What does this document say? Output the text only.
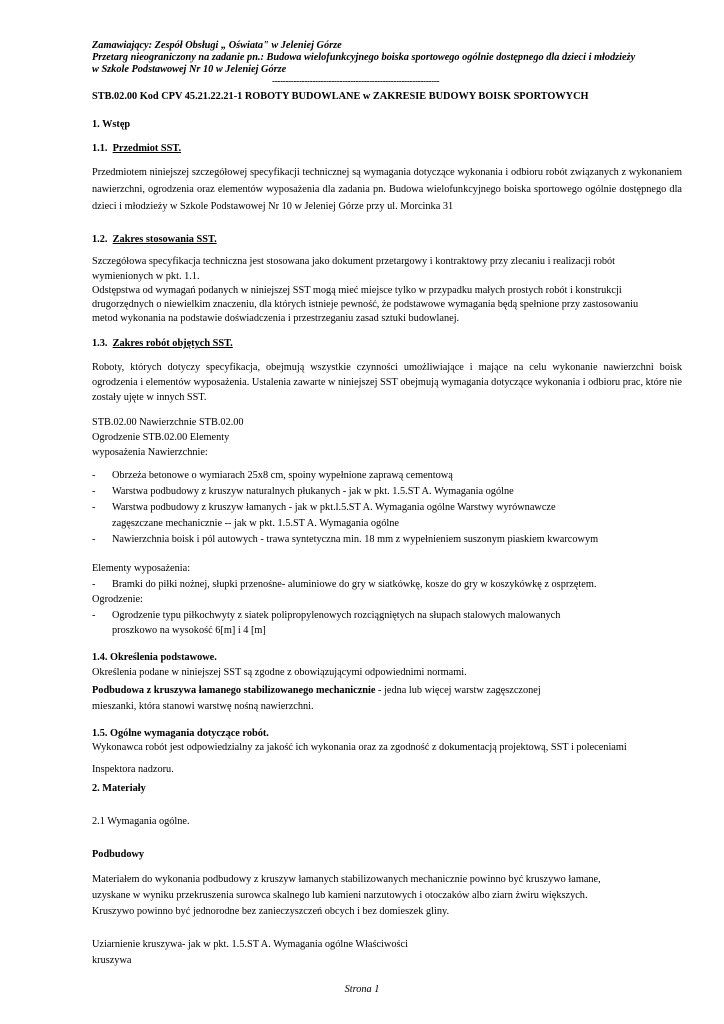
Zamawiający: Zespół Obsługi „ Oświata" w Jeleniej Górze
Przetarg nieograniczony na zadanie pn.: Budowa wielofunkcyjnego boiska sportowego ogólnie dostępnego dla dzieci i młodzieży
w Szkole Podstawowej Nr 10 w Jeleniej Górze
--------------------------------------------------------------
STB.02.00 Kod CPV 45.21.22.21-1 ROBOTY BUDOWLANE w ZAKRESIE BUDOWY BOISK SPORTOWYCH
1. Wstęp
1.1. Przedmiot SST.

Przedmiotem niniejszej szczegółowej specyfikacji technicznej są wymagania dotyczące wykonania i odbioru robót związanych z wykonaniem nawierzchni, ogrodzenia oraz elementów wyposażenia dla zadania pn. Budowa wielofunkcyjnego boiska sportowego ogólnie dostępnego dla dzieci i młodzieży w Szkole Podstawowej Nr 10 w Jeleniej Górze przy ul. Morcinka 31

1.2. Zakres stosowania SST.
Szczegółowa specyfikacja techniczna jest stosowana jako dokument przetargowy i kontraktowy przy zlecaniu i realizacji robót
wymienionych w pkt. 1.1.
Odstępstwa od wymagań podanych w niniejszej SST mogą mieć miejsce tylko w przypadku małych prostych robót i konstrukcji
drugorzędnych o niewielkim znaczeniu, dla których istnieje pewność, że podstawowe wymagania będą spełnione przy zastosowaniu
metod wykonania na podstawie doświadczenia i przestrzeganiu zasad sztuki budowlanej.
1.3. Zakres robót objętych SST.

Roboty, których dotyczy specyfikacja, obejmują wszystkie czynności umożliwiające i mające na celu wykonanie nawierzchni boisk ogrodzenia i elementów wyposażenia. Ustalenia zawarte w niniejszej SST obejmują wymagania dotyczące wykonania i odbioru prac, które nie zostały ujęte w innych SST.

STB.02.00 Nawierzchnie STB.02.00
Ogrodzenie STB.02.00 Elementy
wyposażenia Nawierzchnie:
- Obrzeża betonowe o wymiarach 25x8 cm, spoiny wypełnione zaprawą cementową
- Warstwa podbudowy z kruszyw naturalnych płukanych - jak w pkt. 1.5.ST A. Wymagania ogólne
- Warstwa podbudowy z kruszyw łamanych - jak w pkt.l.5.ST A. Wymagania ogólne Warstwy wyrównawcze
zagęszczane mechanicznie -- jak w pkt. 1.5.ST A. Wymagania ogólne
- Nawierzchnia boisk i pól autowych - trawa syntetyczna min. 18 mm z wypełnieniem suszonym piaskiem kwarcowym
Elementy wyposażenia:
- Bramki do piłki nożnej, słupki przenośne- aluminiowe do gry w siatkówkę, kosze do gry w koszykówkę z osprzętem.
Ogrodzenie:
- Ogrodzenie typu piłkochwyty z siatek polipropylenowych rozciągniętych na słupach stalowych malowanych
proszkowo na wysokość 6[m] i 4 [m]
1.4. Określenia podstawowe.
Określenia podane w niniejszej SST są zgodne z obowiązującymi odpowiednimi normami.
Podbudowa z kruszywa łamanego stabilizowanego mechanicznie - jedna lub więcej warstw zagęszczonej
mieszanki, która stanowi warstwę nośną nawierzchni.
1.5. Ogólne wymagania dotyczące robót.
Wykonawca robót jest odpowiedzialny za jakość ich wykonania oraz za zgodność z dokumentacją projektową, SST i poleceniami
Inspektora nadzoru.
2. Materiały
2.1 Wymagania ogólne.
Podbudowy
Materiałem do wykonania podbudowy z kruszyw łamanych stabilizowanych mechanicznie powinno być kruszywo łamane,
uzyskane w wyniku przekruszenia surowca skalnego lub kamieni narzutowych i otoczaków albo ziarn żwiru większych.
Kruszywo powinno być jednorodne bez zanieczyszczeń obcych i bez domieszek gliny.
Uziarnienie kruszywa- jak w pkt. 1.5.ST A. Wymagania ogólne Właściwości
kruszywa
Strona 1
